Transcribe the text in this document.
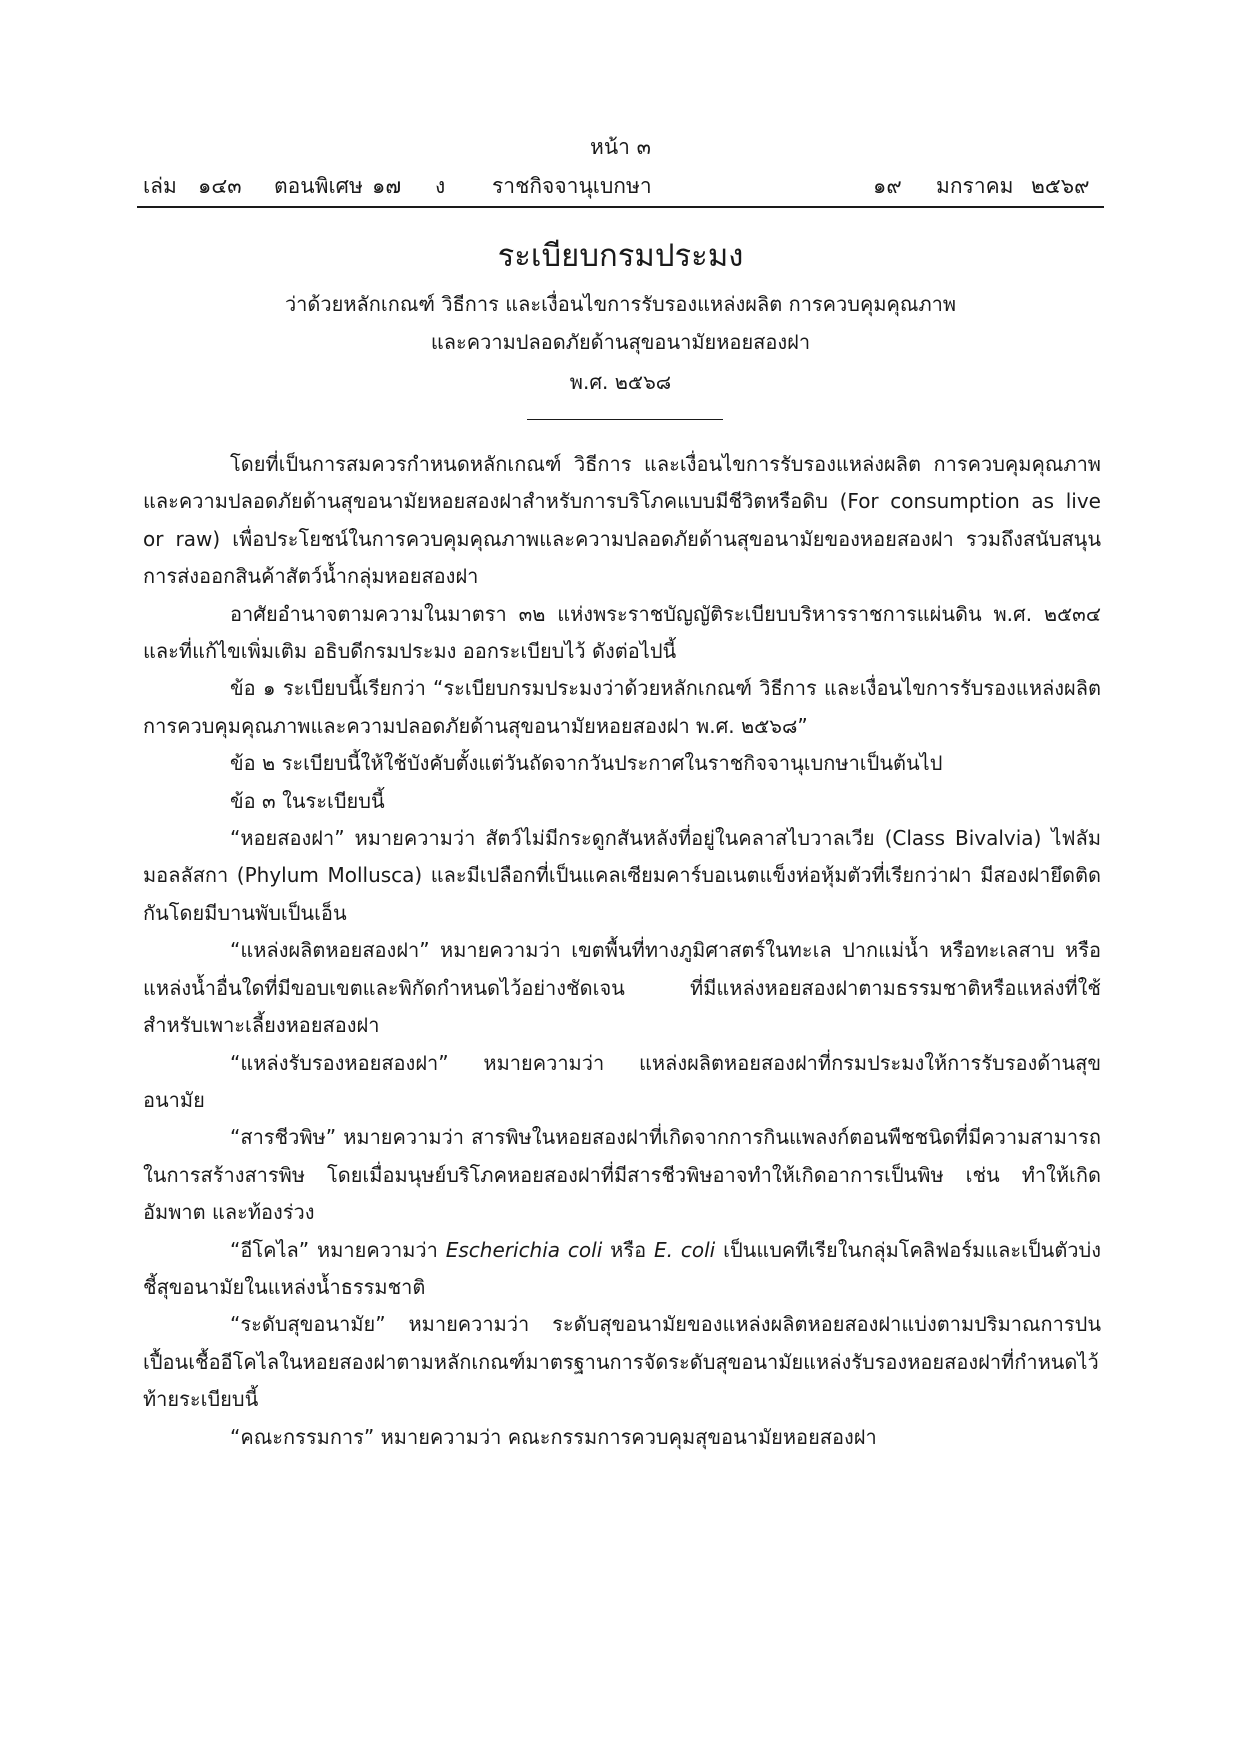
หน้า ๓
เล่ม ๑๔๓ ตอนพิเศษ ๑๗ ง ราชกิจจานุเบกษา	๑๙ มกราคม ๒๕๖๙
ระเบียบกรมประมง
ว่าด้วยหลักเกณฑ์ วิธีการ และเงื่อนไขการรับรองแหล่งผลิต การควบคุมคุณภาพ
และความปลอดภัยด้านสุขอนามัยหอยสองฝา
พ.ศ. ๒๕๖๘

โดยที่เป็นการสมควรกำหนดหลักเกณฑ์ วิธีการ และเงื่อนไขการรับรองแหล่งผลิต การควบคุมคุณภาพ และความปลอดภัยด้านสุขอนามัยหอยสองฝาสำหรับการบริโภคแบบมีชีวิตหรือดิบ (For consumption as live or raw) เพื่อประโยชน์ในการควบคุมคุณภาพและความปลอดภัยด้านสุขอนามัยของหอยสองฝา รวมถึงสนับสนุนการส่งออกสินค้าสัตว์น้ำกลุ่มหอยสองฝา

อาศัยอำนาจตามความในมาตรา ๓๒ แห่งพระราชบัญญัติระเบียบบริหารราชการแผ่นดิน พ.ศ. ๒๕๓๔ และที่แก้ไขเพิ่มเติม อธิบดีกรมประมง ออกระเบียบไว้ ดังต่อไปนี้

ข้อ ๑ ระเบียบนี้เรียกว่า “ระเบียบกรมประมงว่าด้วยหลักเกณฑ์ วิธีการ และเงื่อนไขการรับรองแหล่งผลิต การควบคุมคุณภาพและความปลอดภัยด้านสุขอนามัยหอยสองฝา พ.ศ. ๒๕๖๘”

ข้อ ๒ ระเบียบนี้ให้ใช้บังคับตั้งแต่วันถัดจากวันประกาศในราชกิจจานุเบกษาเป็นต้นไป

ข้อ ๓ ในระเบียบนี้

“หอยสองฝา” หมายความว่า สัตว์ไม่มีกระดูกสันหลังที่อยู่ในคลาสไบวาลเวีย (Class Bivalvia) ไฟลัมมอลลัสกา (Phylum Mollusca) และมีเปลือกที่เป็นแคลเซียมคาร์บอเนตแข็งห่อหุ้มตัวที่เรียกว่าฝา มีสองฝายึดติดกันโดยมีบานพับเป็นเอ็น

“แหล่งผลิตหอยสองฝา” หมายความว่า เขตพื้นที่ทางภูมิศาสตร์ในทะเล ปากแม่น้ำ หรือทะเลสาบ หรือแหล่งน้ำอื่นใดที่มีขอบเขตและพิกัดกำหนดไว้อย่างชัดเจน ที่มีแหล่งหอยสองฝาตามธรรมชาติหรือแหล่งที่ใช้สำหรับเพาะเลี้ยงหอยสองฝา

“แหล่งรับรองหอยสองฝา” หมายความว่า แหล่งผลิตหอยสองฝาที่กรมประมงให้การรับรองด้านสุขอนามัย

“สารชีวพิษ” หมายความว่า สารพิษในหอยสองฝาที่เกิดจากการกินแพลงก์ตอนพืชชนิดที่มีความสามารถในการสร้างสารพิษ โดยเมื่อมนุษย์บริโภคหอยสองฝาที่มีสารชีวพิษอาจทำให้เกิดอาการเป็นพิษ เช่น ทำให้เกิดอัมพาต และท้องร่วง

“อีโคไล” หมายความว่า Escherichia coli หรือ E. coli เป็นแบคทีเรียในกลุ่มโคลิฟอร์มและเป็นตัวบ่งชี้สุขอนามัยในแหล่งน้ำธรรมชาติ

“ระดับสุขอนามัย” หมายความว่า ระดับสุขอนามัยของแหล่งผลิตหอยสองฝาแบ่งตามปริมาณการปนเปื้อนเชื้ออีโคไลในหอยสองฝาตามหลักเกณฑ์มาตรฐานการจัดระดับสุขอนามัยแหล่งรับรองหอยสองฝาที่กำหนดไว้ท้ายระเบียบนี้

“คณะกรรมการ” หมายความว่า คณะกรรมการควบคุมสุขอนามัยหอยสองฝา
